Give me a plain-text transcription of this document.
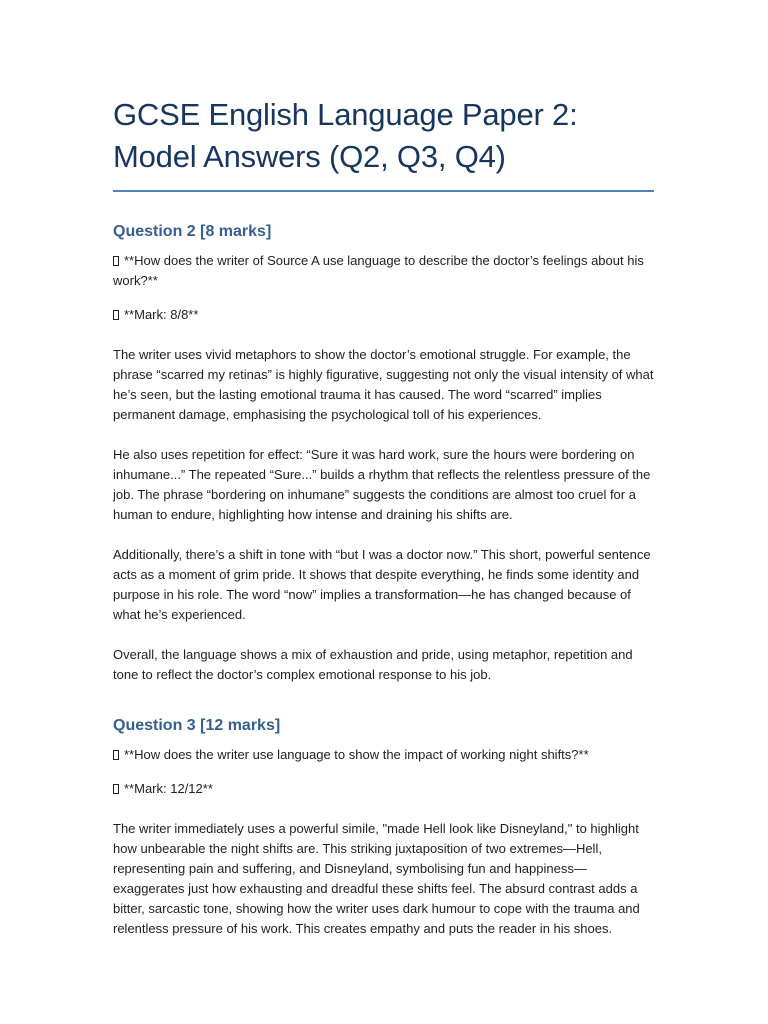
GCSE English Language Paper 2: Model Answers (Q2, Q3, Q4)
Question 2 [8 marks]

**How does the writer of Source A use language to describe the doctor’s feelings about his work?**

**Mark: 8/8**

The writer uses vivid metaphors to show the doctor’s emotional struggle. For example, the phrase “scarred my retinas” is highly figurative, suggesting not only the visual intensity of what he’s seen, but the lasting emotional trauma it has caused. The word “scarred” implies permanent damage, emphasising the psychological toll of his experiences.

He also uses repetition for effect: “Sure it was hard work, sure the hours were bordering on inhumane...” The repeated “Sure...” builds a rhythm that reflects the relentless pressure of the job. The phrase “bordering on inhumane” suggests the conditions are almost too cruel for a human to endure, highlighting how intense and draining his shifts are.

Additionally, there’s a shift in tone with “but I was a doctor now.” This short, powerful sentence acts as a moment of grim pride. It shows that despite everything, he finds some identity and purpose in his role. The word “now” implies a transformation—he has changed because of what he’s experienced.

Overall, the language shows a mix of exhaustion and pride, using metaphor, repetition and tone to reflect the doctor’s complex emotional response to his job.

Question 3 [12 marks]

**How does the writer use language to show the impact of working night shifts?**

**Mark: 12/12**

The writer immediately uses a powerful simile, "made Hell look like Disneyland," to highlight how unbearable the night shifts are. This striking juxtaposition of two extremes—Hell, representing pain and suffering, and Disneyland, symbolising fun and happiness—exaggerates just how exhausting and dreadful these shifts feel. The absurd contrast adds a bitter, sarcastic tone, showing how the writer uses dark humour to cope with the trauma and relentless pressure of his work. This creates empathy and puts the reader in his shoes.
